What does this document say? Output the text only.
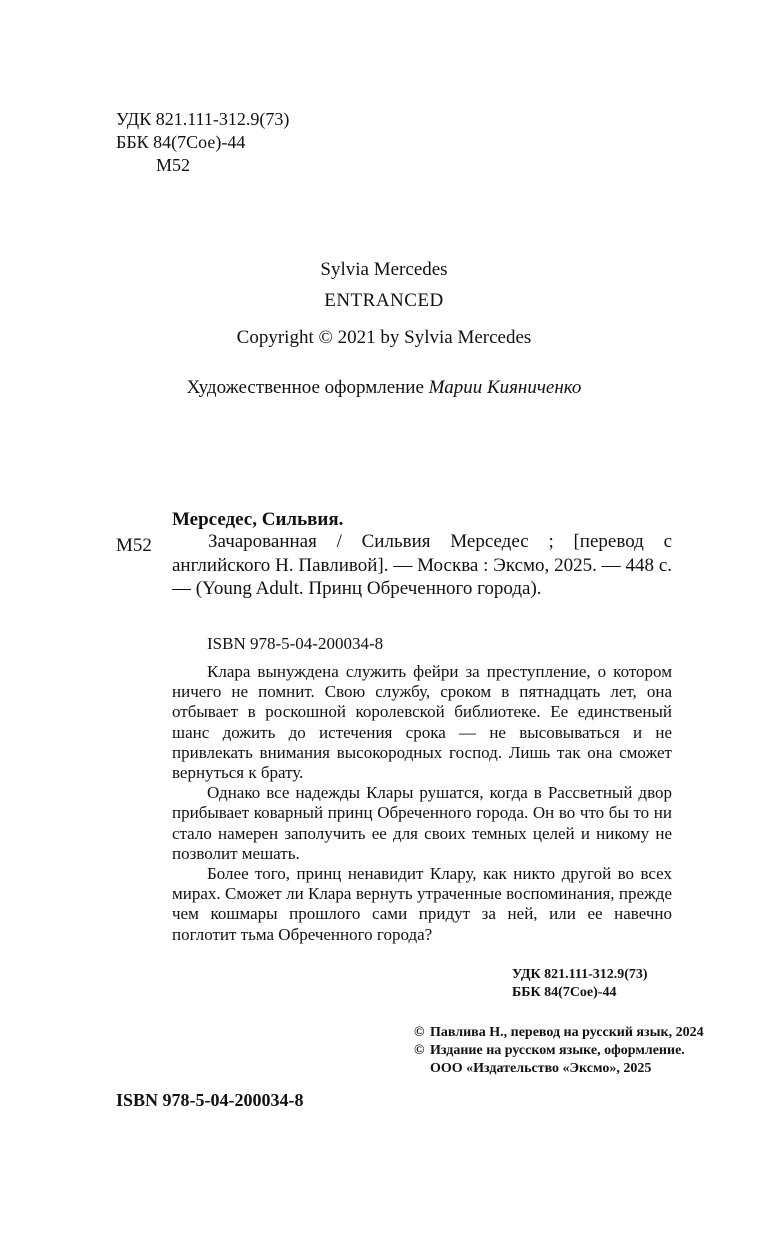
УДК 821.111-312.9(73)
ББК 84(7Сое)-44
М52
Sylvia Mercedes
ENTRANCED
Copyright © 2021 by Sylvia Mercedes
Художественное оформление Марии Кияниченко
М52
Мерседес, Сильвия.

Зачарованная / Сильвия Мерседес ; [перевод с английского Н. Павливой]. — Москва : Эксмо, 2025. — 448 с. — (Young Adult. Принц Обреченного города).

ISBN 978-5-04-200034-8

Клара вынуждена служить фейри за преступление, о котором ничего не помнит. Свою службу, сроком в пятнадцать лет, она отбывает в роскошной королевской библиотеке. Ее единственый шанс дожить до истечения срока — не высовываться и не привлекать внимания высокородных господ. Лишь так она сможет вернуться к брату.

Однако все надежды Клары рушатся, когда в Рассветный двор прибывает коварный принц Обреченного города. Он во что бы то ни стало намерен заполучить ее для своих темных целей и никому не позволит мешать.

Более того, принц ненавидит Клару, как никто другой во всех мирах. Сможет ли Клара вернуть утраченные воспоминания, прежде чем кошмары прошлого сами придут за ней, или ее навечно поглотит тьма Обреченного города?

УДК 821.111-312.9(73)
ББК 84(7Сое)-44
© Павлива Н., перевод на русский язык, 2024
© Издание на русском языке, оформление. ООО «Издательство «Эксмо», 2025
ISBN 978-5-04-200034-8
